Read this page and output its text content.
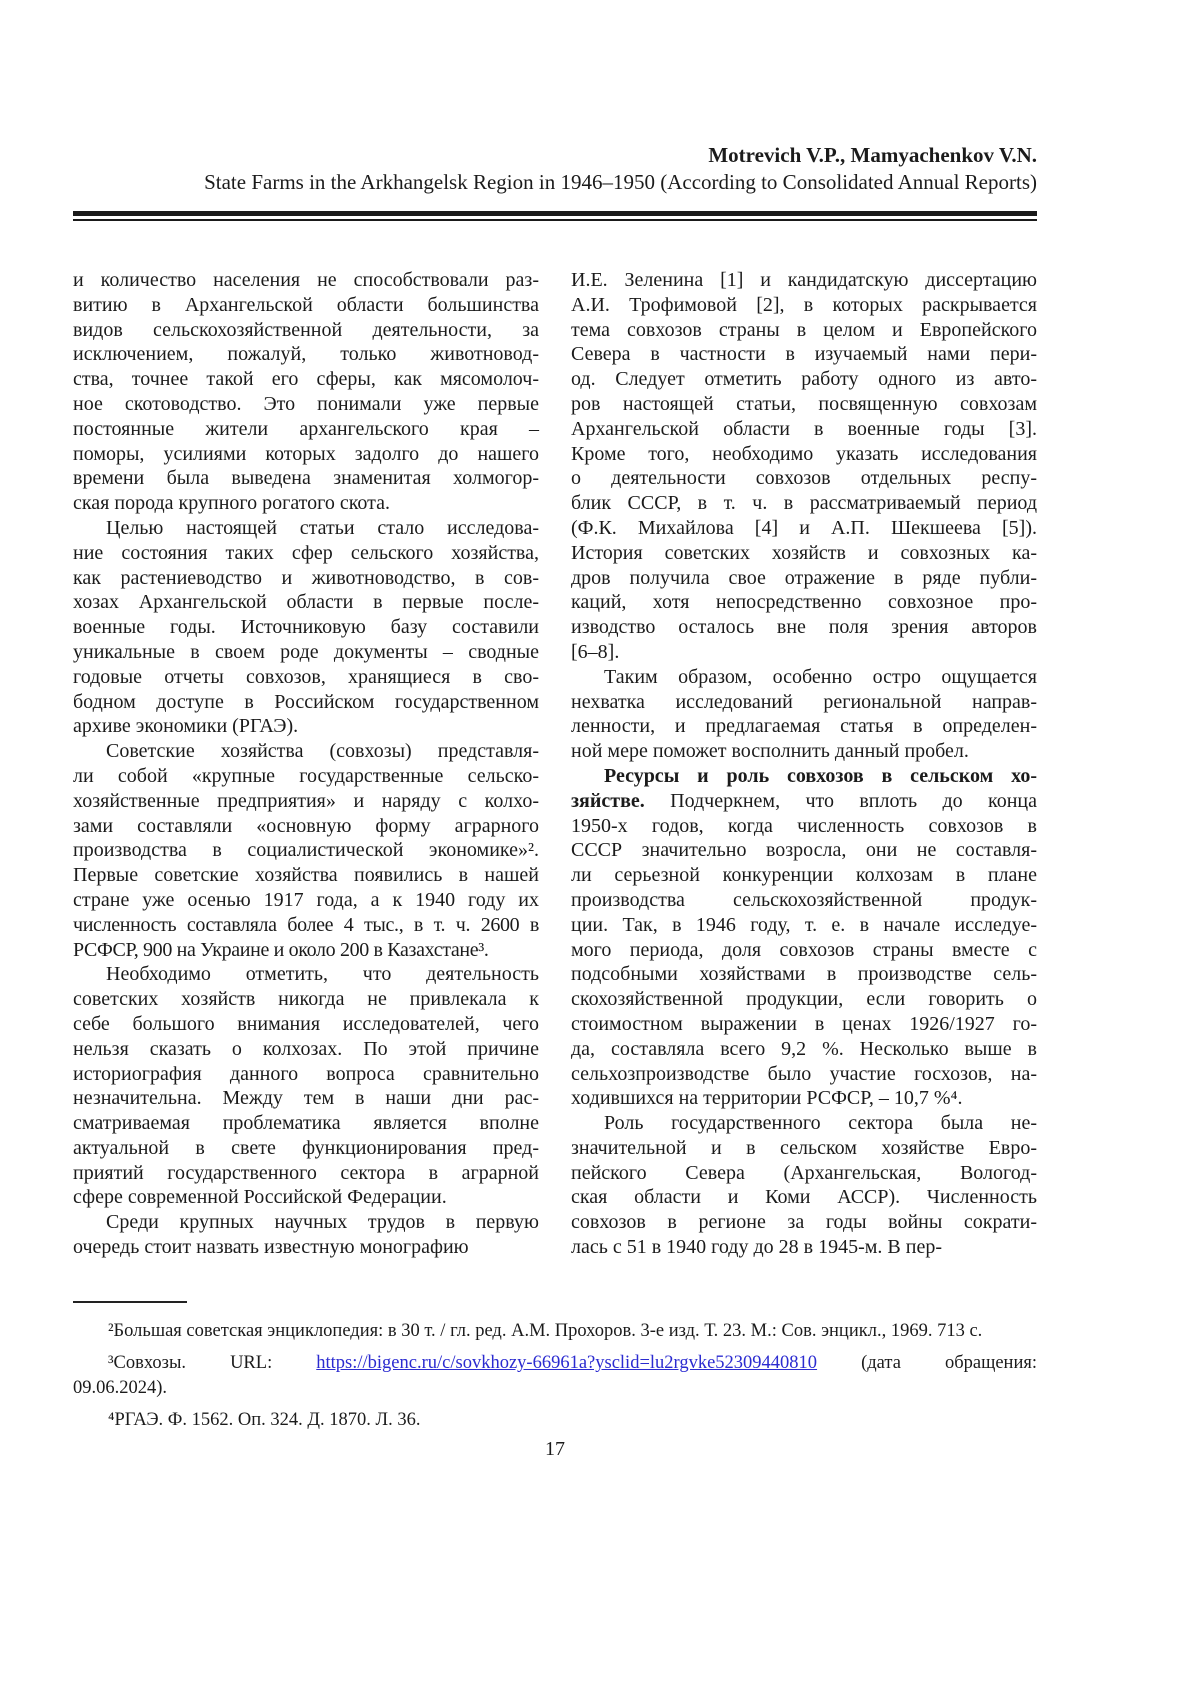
Motrevich V.P., Mamyachenkov V.N.
State Farms in the Arkhangelsk Region in 1946–1950 (According to Consolidated Annual Reports)
и количество населения не способствовали раз-
витию в Архангельской области большинства
видов сельскохозяйственной деятельности, за
исключением, пожалуй, только животновод-
ства, точнее такой его сферы, как мясомолоч-
ное скотоводство. Это понимали уже первые
постоянные жители архангельского края –
поморы, усилиями которых задолго до нашего
времени была выведена знаменитая холмогор-
ская порода крупного рогатого скота.
Целью настоящей статьи стало исследова-
ние состояния таких сфер сельского хозяйства,
как растениеводство и животноводство, в сов-
хозах Архангельской области в первые после-
военные годы. Источниковую базу составили
уникальные в своем роде документы – сводные
годовые отчеты совхозов, хранящиеся в сво-
бодном доступе в Российском государственном
архиве экономики (РГАЭ).
Советские хозяйства (совхозы) представля-
ли собой «крупные государственные сельско-
хозяйственные предприятия» и наряду с колхо-
зами составляли «основную форму аграрного
производства в социалистической экономике»².
Первые советские хозяйства появились в нашей
стране уже осенью 1917 года, а к 1940 году их
численность составляла более 4 тыс., в т. ч. 2600 в
РСФСР, 900 на Украине и около 200 в Казахстане³.
Необходимо отметить, что деятельность
советских хозяйств никогда не привлекала к
себе большого внимания исследователей, чего
нельзя сказать о колхозах. По этой причине
историография данного вопроса сравнительно
незначительна. Между тем в наши дни рас-
сматриваемая проблематика является вполне
актуальной в свете функционирования пред-
приятий государственного сектора в аграрной
сфере современной Российской Федерации.
Среди крупных научных трудов в первую
очередь стоит назвать известную монографию
И.Е. Зеленина [1] и кандидатскую диссертацию
А.И. Трофимовой [2], в которых раскрывается
тема совхозов страны в целом и Европейского
Севера в частности в изучаемый нами пери-
од. Следует отметить работу одного из авто-
ров настоящей статьи, посвященную совхозам
Архангельской области в военные годы [3].
Кроме того, необходимо указать исследования
о деятельности совхозов отдельных респу-
блик СССР, в т. ч. в рассматриваемый период
(Ф.К. Михайлова [4] и А.П. Шекшеева [5]).
История советских хозяйств и совхозных ка-
дров получила свое отражение в ряде публи-
каций, хотя непосредственно совхозное про-
изводство осталось вне поля зрения авторов
[6–8].
Таким образом, особенно остро ощущается
нехватка исследований региональной направ-
ленности, и предлагаемая статья в определен-
ной мере поможет восполнить данный пробел.
Ресурсы и роль совхозов в сельском хо-
зяйстве. Подчеркнем, что вплоть до конца
1950-х годов, когда численность совхозов в
СССР значительно возросла, они не составля-
ли серьезной конкуренции колхозам в плане
производства сельскохозяйственной продук-
ции. Так, в 1946 году, т. е. в начале исследуе-
мого периода, доля совхозов страны вместе с
подсобными хозяйствами в производстве сель-
скохозяйственной продукции, если говорить о
стоимостном выражении в ценах 1926/1927 го-
да, составляла всего 9,2 %. Несколько выше в
сельхозпроизводстве было участие госхозов, на-
ходившихся на территории РСФСР, – 10,7 %⁴.
Роль государственного сектора была не-
значительной и в сельском хозяйстве Евро-
пейского Севера (Архангельская, Вологод-
ская области и Коми АССР). Численность
совхозов в регионе за годы войны сократи-
лась с 51 в 1940 году до 28 в 1945-м. В пер-
²Большая советская энциклопедия: в 30 т. / гл. ред. А.М. Прохоров. 3-е изд. Т. 23. М.: Сов. энцикл., 1969. 713 с.
³Совхозы. URL: https://bigenc.ru/c/sovkhozy-66961a?ysclid=lu2rgvke52309440810 (дата обращения:
09.06.2024).
⁴РГАЭ. Ф. 1562. Оп. 324. Д. 1870. Л. 36.
17
